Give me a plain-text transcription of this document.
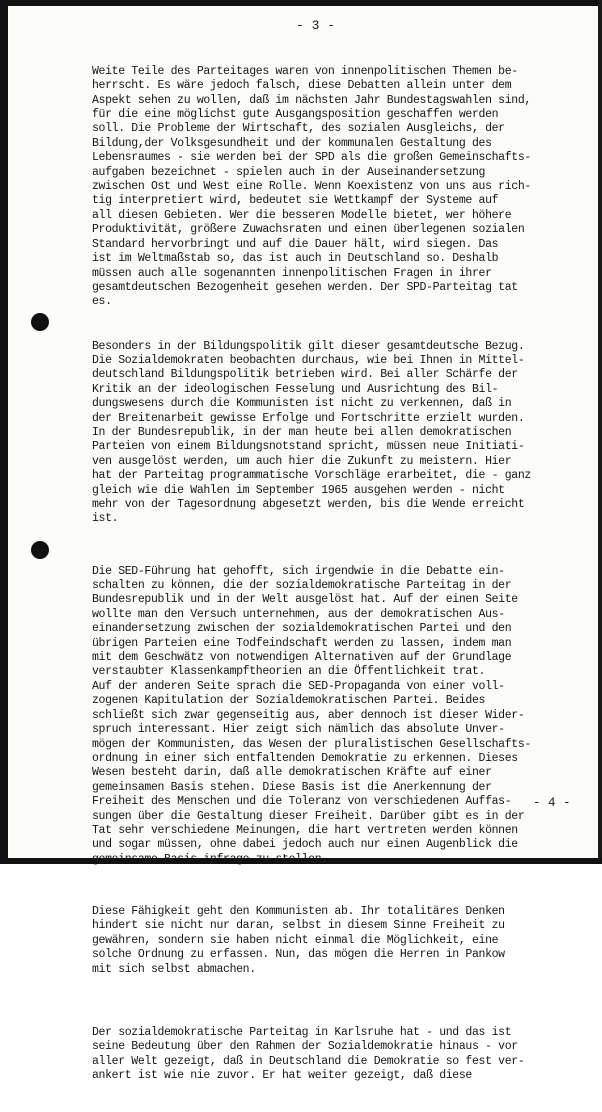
- 3 -

Weite Teile des Parteitages waren von innenpolitischen Themen be-
herrscht. Es wäre jedoch falsch, diese Debatten allein unter dem
Aspekt sehen zu wollen, daß im nächsten Jahr Bundestagswahlen sind,
für die eine möglichst gute Ausgangsposition geschaffen werden
soll. Die Probleme der Wirtschaft, des sozialen Ausgleichs, der
Bildung,der Volksgesundheit und der kommunalen Gestaltung des
Lebensraumes - sie werden bei der SPD als die großen Gemeinschafts-
aufgaben bezeichnet - spielen auch in der Auseinandersetzung
zwischen Ost und West eine Rolle. Wenn Koexistenz von uns aus rich-
tig interpretiert wird, bedeutet sie Wettkampf der Systeme auf
all diesen Gebieten. Wer die besseren Modelle bietet, wer höhere
Produktivität, größere Zuwachsraten und einen überlegenen sozialen
Standard hervorbringt und auf die Dauer hält, wird siegen. Das
ist im Weltmaßstab so, das ist auch in Deutschland so. Deshalb
müssen auch alle sogenannten innenpolitischen Fragen in ihrer
gesamtdeutschen Bezogenheit gesehen werden. Der SPD-Parteitag tat
es.

Besonders in der Bildungspolitik gilt dieser gesamtdeutsche Bezug.
Die Sozialdemokraten beobachten durchaus, wie bei Ihnen in Mittel-
deutschland Bildungspolitik betrieben wird. Bei aller Schärfe der
Kritik an der ideologischen Fesselung und Ausrichtung des Bil-
dungswesens durch die Kommunisten ist nicht zu verkennen, daß in
der Breitenarbeit gewisse Erfolge und Fortschritte erzielt wurden.
In der Bundesrepublik, in der man heute bei allen demokratischen
Parteien von einem Bildungsnotstand spricht, müssen neue Initiati-
ven ausgelöst werden, um auch hier die Zukunft zu meistern. Hier
hat der Parteitag programmatische Vorschläge erarbeitet, die - ganz
gleich wie die Wahlen im September 1965 ausgehen werden - nicht
mehr von der Tagesordnung abgesetzt werden, bis die Wende erreicht
ist.

Die SED-Führung hat gehofft, sich irgendwie in die Debatte ein-
schalten zu können, die der sozialdemokratische Parteitag in der
Bundesrepublik und in der Welt ausgelöst hat. Auf der einen Seite
wollte man den Versuch unternehmen, aus der demokratischen Aus-
einandersetzung zwischen der sozialdemokratischen Partei und den
übrigen Parteien eine Todfeindschaft werden zu lassen, indem man
mit dem Geschwätz von notwendigen Alternativen auf der Grundlage
verstaubter Klassenkampftheorien an die Öffentlichkeit trat.
Auf der anderen Seite sprach die SED-Propaganda von einer voll-
zogenen Kapitulation der Sozialdemokratischen Partei. Beides
schließt sich zwar gegenseitig aus, aber dennoch ist dieser Wider-
spruch interessant. Hier zeigt sich nämlich das absolute Unver-
mögen der Kommunisten, das Wesen der pluralistischen Gesellschafts-
ordnung in einer sich entfaltenden Demokratie zu erkennen. Dieses
Wesen besteht darin, daß alle demokratischen Kräfte auf einer
gemeinsamen Basis stehen. Diese Basis ist die Anerkennung der
Freiheit des Menschen und die Toleranz von verschiedenen Auffas-
sungen über die Gestaltung dieser Freiheit. Darüber gibt es in der
Tat sehr verschiedene Meinungen, die hart vertreten werden können
und sogar müssen, ohne dabei jedoch auch nur einen Augenblick die
gemeinsame Basis infrage zu stellen.

Diese Fähigkeit geht den Kommunisten ab. Ihr totalitäres Denken
hindert sie nicht nur daran, selbst in diesem Sinne Freiheit zu
gewähren, sondern sie haben nicht einmal die Möglichkeit, eine
solche Ordnung zu erfassen. Nun, das mögen die Herren in Pankow
mit sich selbst abmachen.

Der sozialdemokratische Parteitag in Karlsruhe hat - und das ist
seine Bedeutung über den Rahmen der Sozialdemokratie hinaus - vor
aller Welt gezeigt, daß in Deutschland die Demokratie so fest ver-
ankert ist wie nie zuvor. Er hat weiter gezeigt, daß diese

- 4 -
